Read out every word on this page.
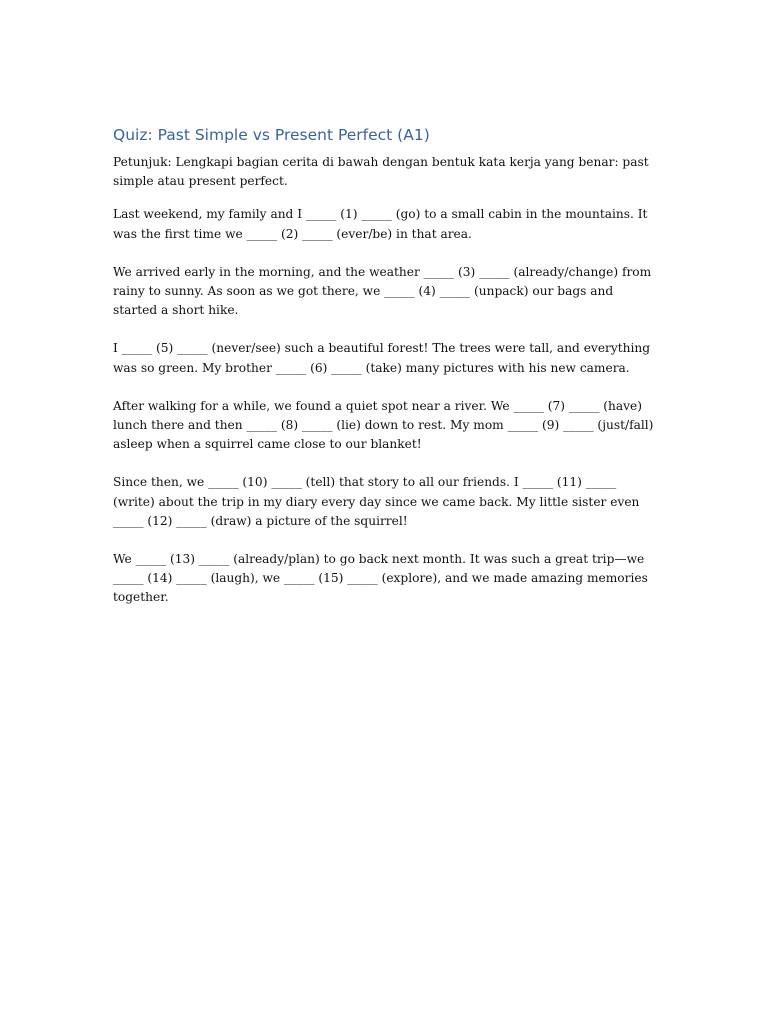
Quiz: Past Simple vs Present Perfect (A1)

Petunjuk: Lengkapi bagian cerita di bawah dengan bentuk kata kerja yang benar: past simple atau present perfect.

Last weekend, my family and I _____ (1) _____ (go) to a small cabin in the mountains. It was the first time we _____ (2) _____ (ever/be) in that area.

We arrived early in the morning, and the weather _____ (3) _____ (already/change) from rainy to sunny. As soon as we got there, we _____ (4) _____ (unpack) our bags and started a short hike.

I _____ (5) _____ (never/see) such a beautiful forest! The trees were tall, and everything was so green. My brother _____ (6) _____ (take) many pictures with his new camera.

After walking for a while, we found a quiet spot near a river. We _____ (7) _____ (have) lunch there and then _____ (8) _____ (lie) down to rest. My mom _____ (9) _____ (just/fall) asleep when a squirrel came close to our blanket!

Since then, we _____ (10) _____ (tell) that story to all our friends. I _____ (11) _____ (write) about the trip in my diary every day since we came back. My little sister even _____ (12) _____ (draw) a picture of the squirrel!

We _____ (13) _____ (already/plan) to go back next month. It was such a great trip—we _____ (14) _____ (laugh), we _____ (15) _____ (explore), and we made amazing memories together.
